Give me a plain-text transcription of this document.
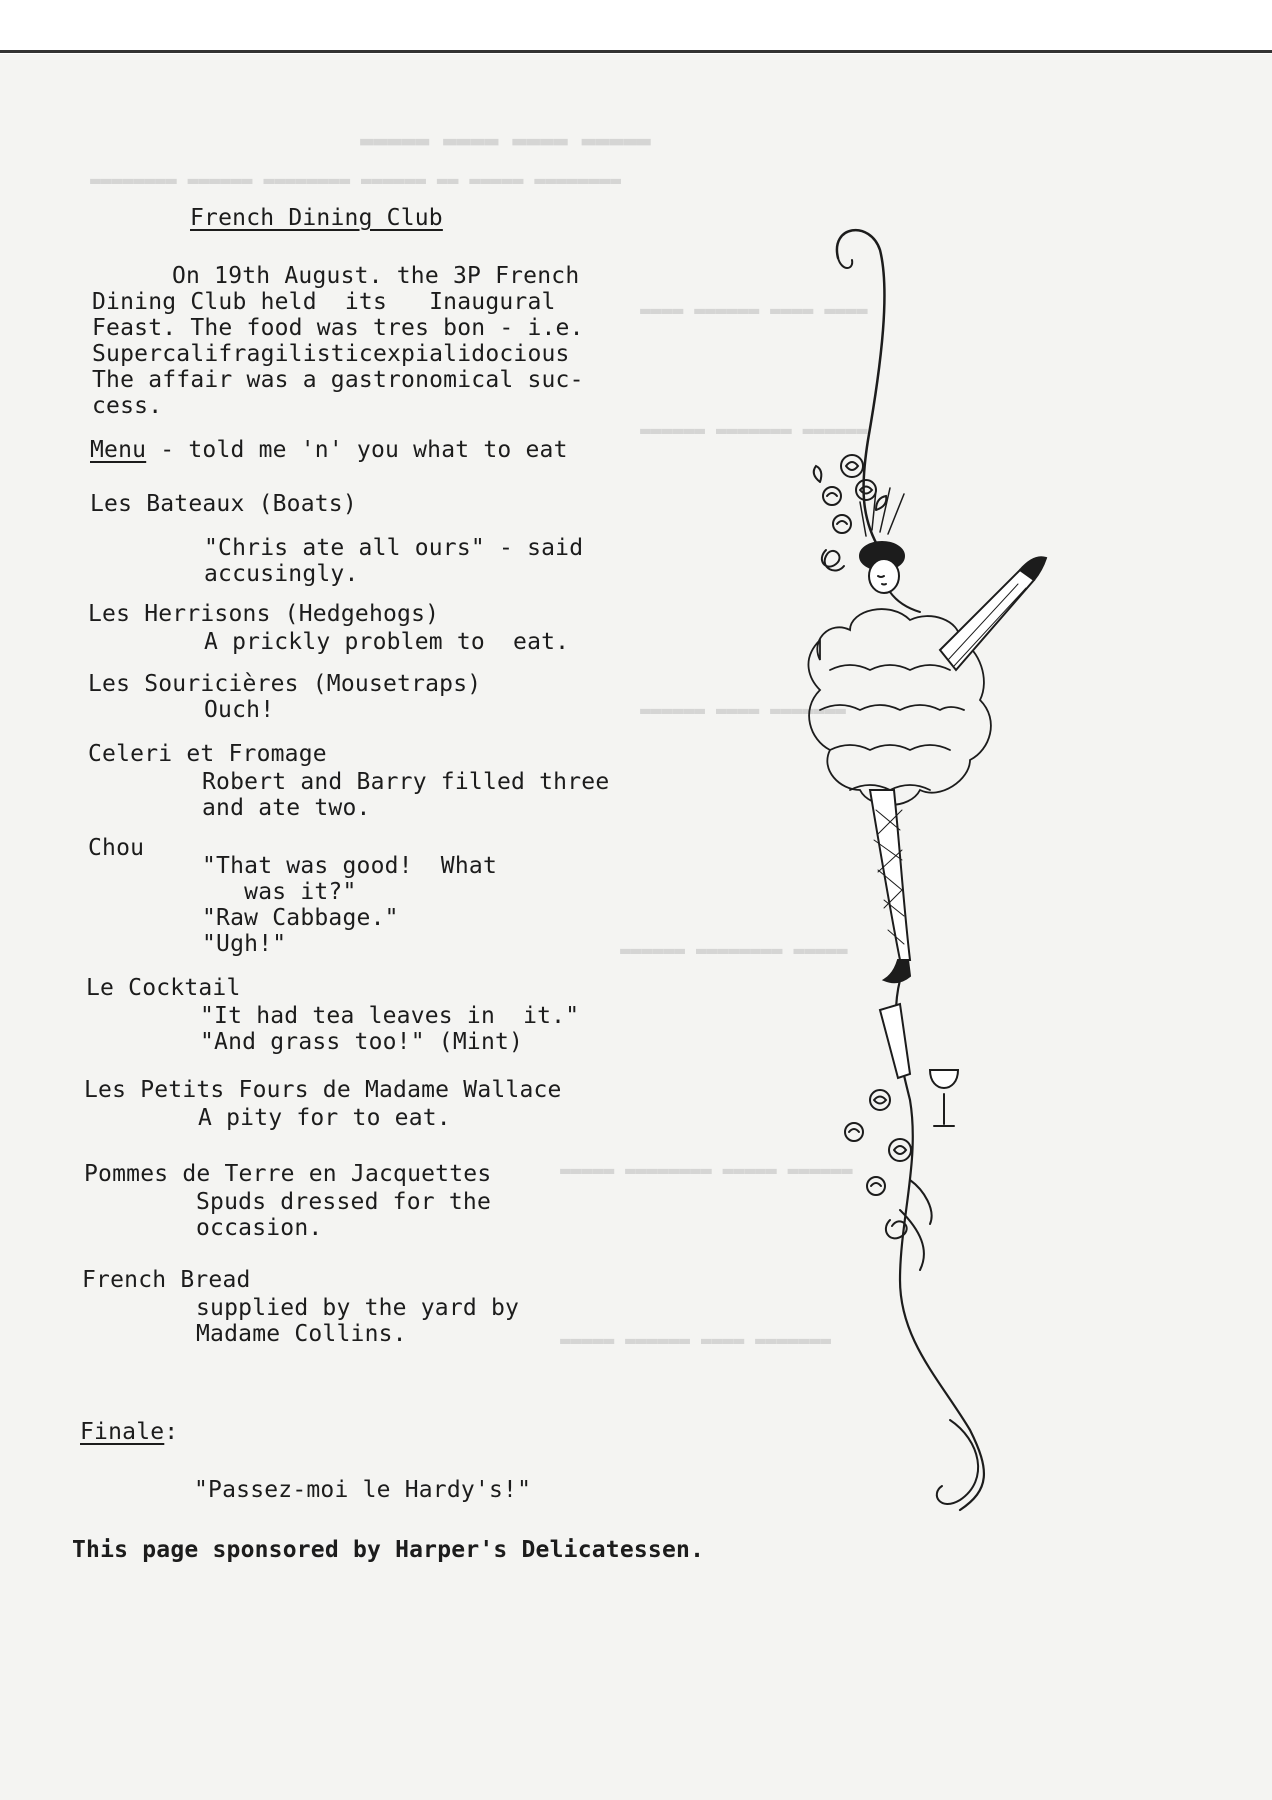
▬▬▬▬▬ ▬▬▬▬ ▬▬▬▬ ▬▬▬▬▬
▬▬▬▬▬▬▬▬ ▬▬▬▬▬ ▬▬ ▬▬▬▬▬▬ ▬▬▬▬▬▬▬▬ ▬▬▬▬▬▬ ▬▬▬▬▬▬▬▬
▬▬▬▬ ▬▬▬▬ ▬▬▬▬▬▬ ▬▬▬▬
▬▬▬▬▬▬ ▬▬▬▬▬▬▬ ▬▬▬▬▬▬
▬▬▬▬▬▬▬ ▬▬▬▬ ▬▬▬▬▬▬
▬▬▬▬▬ ▬▬▬▬▬▬▬▬ ▬▬▬▬▬▬
▬▬▬▬▬▬ ▬▬▬▬▬ ▬▬▬▬▬▬▬▬ ▬▬▬▬▬
▬▬▬▬▬▬▬ ▬▬▬▬ ▬▬▬▬▬▬ ▬▬▬▬▬
French Dining Club
On 19th August. the 3P French
Dining Club held  its   Inaugural
Feast. The food was tres bon - i.e.
Supercalifragilisticexpialidocious
The affair was a gastronomical suc-
cess.
Menu - told me 'n' you what to eat
Les Bateaux (Boats)
"Chris ate all ours" - said
accusingly.
Les Herrisons (Hedgehogs)
A prickly problem to  eat.
Les Souricières (Mousetraps)
Ouch!
Celeri et Fromage
Robert and Barry filled three
and ate two.
Chou
"That was good!  What
was it?"
"Raw Cabbage."
"Ugh!"
Le Cocktail
"It had tea leaves in  it."
"And grass too!" (Mint)
Les Petits Fours de Madame Wallace
A pity for to eat.
Pommes de Terre en Jacquettes
Spuds dressed for the
occasion.
French Bread
supplied by the yard by
Madame Collins.
Finale:
"Passez-moi le Hardy's!"
This page sponsored by Harper's Delicatessen.
